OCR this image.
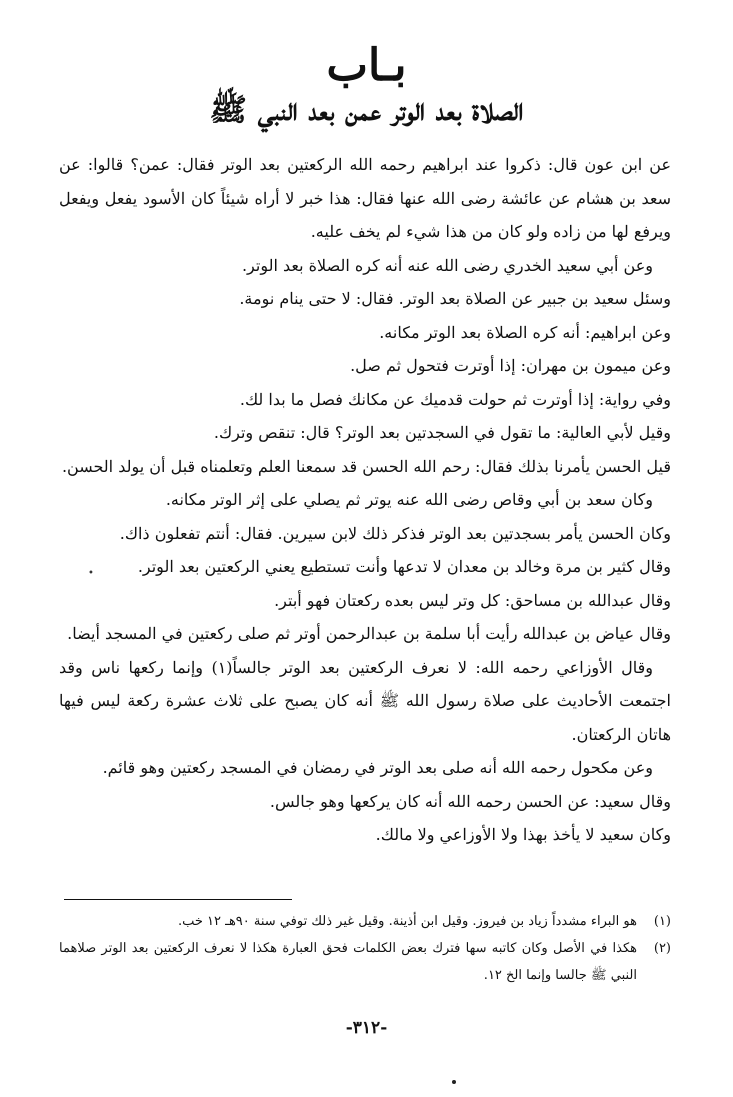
بـاب
الصلاة بعد الوتر عمن بعد النبي ﷺ

عن ابن عون قال: ذكروا عند ابراهيم رحمه الله الركعتين بعد الوتر فقال: عمن؟ قالوا: عن سعد بن هشام عن عائشة رضى الله عنها فقال: هذا خبر لا أراه شيئاً كان الأسود يفعل ويفعل ويرفع لها من زاده ولو كان من هذا شيء لم يخف عليه.

وعن أبي سعيد الخدري رضى الله عنه أنه كره الصلاة بعد الوتر.

وسئل سعيد بن جبير عن الصلاة بعد الوتر. فقال: لا حتى ينام نومة.

وعن ابراهيم: أنه كره الصلاة بعد الوتر مكانه.

وعن ميمون بن مهران: إذا أوترت فتحول ثم صل.

وفي رواية: إذا أوترت ثم حولت قدميك عن مكانك فصل ما بدا لك.

وقيل لأبي العالية: ما تقول في السجدتين بعد الوتر؟ قال: تنقص وترك.

قيل الحسن يأمرنا بذلك فقال: رحم الله الحسن قد سمعنا العلم وتعلمناه قبل أن يولد الحسن.

وكان سعد بن أبي وقاص رضى الله عنه يوتر ثم يصلي على إثر الوتر مكانه.

وكان الحسن يأمر بسجدتين بعد الوتر فذكر ذلك لابن سيرين. فقال: أنتم تفعلون ذاك.

وقال كثير بن مرة وخالد بن معدان لا تدعها وأنت تستطيع يعني الركعتين بعد الوتر.

وقال عبدالله بن مساحق: كل وتر ليس بعده ركعتان فهو أبتر.

وقال عياض بن عبدالله رأيت أبا سلمة بن عبدالرحمن أوتر ثم صلى ركعتين في المسجد أيضا.

وقال الأوزاعي رحمه الله: لا نعرف الركعتين بعد الوتر جالساً(١) وإنما ركعها ناس وقد اجتمعت الأحاديث على صلاة رسول الله ﷺ أنه كان يصبح على ثلاث عشرة ركعة ليس فيها هاتان الركعتان.

وعن مكحول رحمه الله أنه صلى بعد الوتر في رمضان في المسجد ركعتين وهو قائم.

وقال سعيد: عن الحسن رحمه الله أنه كان يركعها وهو جالس.

وكان سعيد لا يأخذ بهذا ولا الأوزاعي ولا مالك.

•
(١)
هو البراء مشدداً زياد بن فيروز. وقيل ابن أذينة. وقيل غير ذلك توفي سنة ٩٠هـ ١٢ خب.
(٢)
هكذا في الأصل وكان كاتبه سها فترك بعض الكلمات فحق العبارة هكذا لا نعرف الركعتين بعد الوتر صلاهما النبي ﷺ جالسا وإنما الخ ١٢.
-٣١٢-
